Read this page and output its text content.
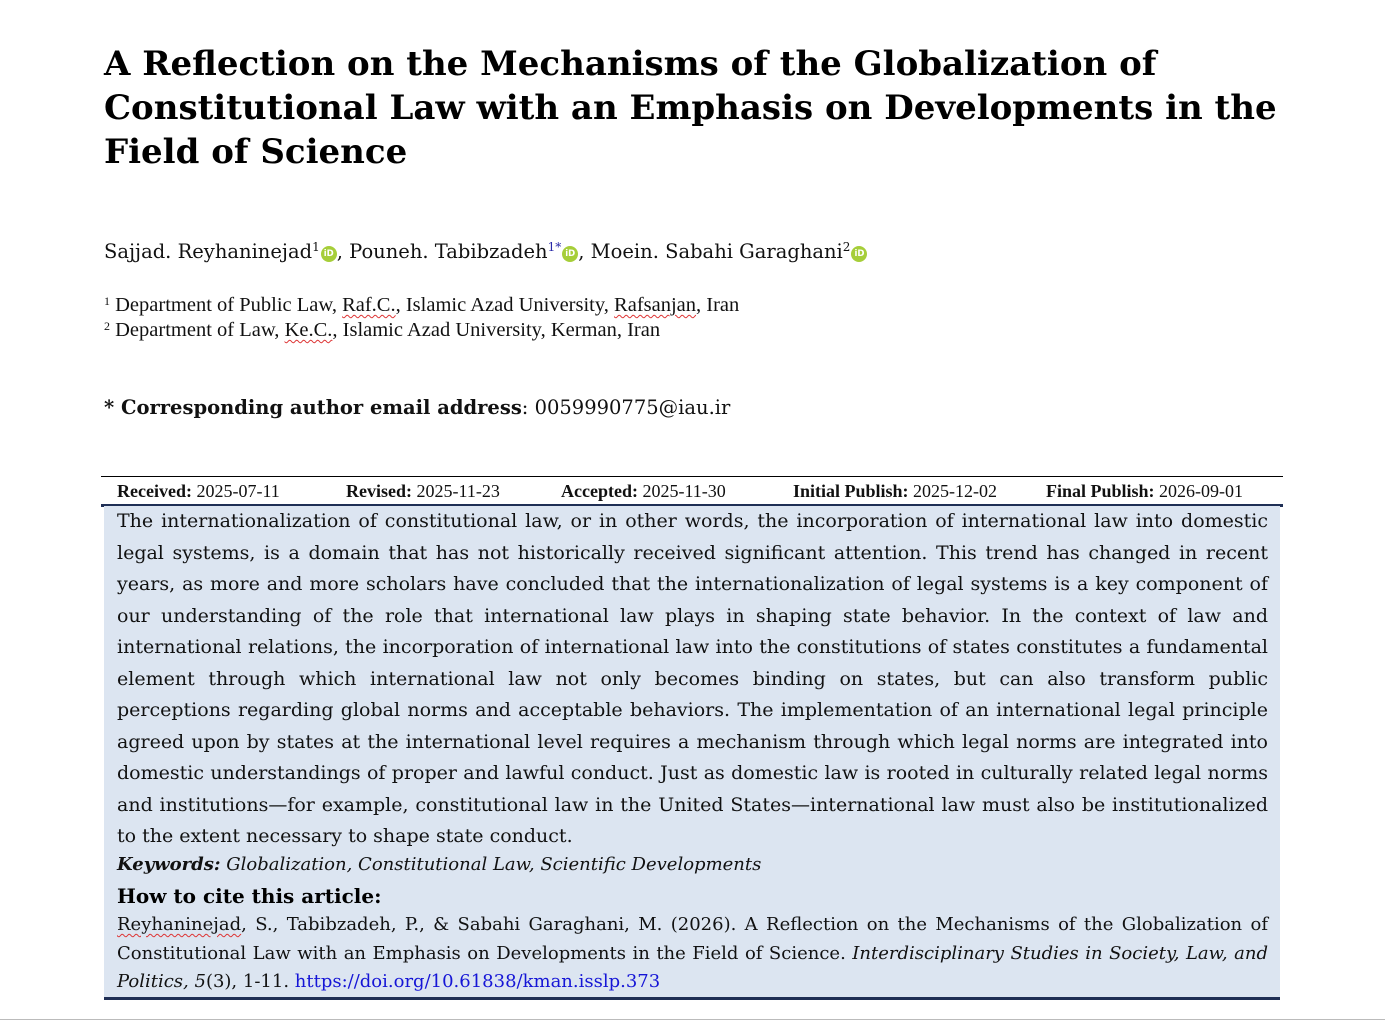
A Reflection on the Mechanisms of the Globalization of Constitutional Law with an Emphasis on Developments in the Field of Science

Sajjad. Reyhaninejad$^1$ iD , Pouneh. Tabibzadeh$^{1*}$ iD , Moein. Sabahi Garaghani$^2$ iD

$^1$ Department of Public Law, Raf.C., Islamic Azad University, Rafsanjan, Iran
$^2$ Department of Law, Ke.C., Islamic Azad University, Kerman, Iran

* Corresponding author email address: 0059990775@iau.ir

Received: 2025-07-11	Revised: 2025-11-23	Accepted: 2025-11-30	Initial Publish: 2025-12-02	Final Publish: 2026-09-01

The internationalization of constitutional law, or in other words, the incorporation of international law into domestic legal systems, is a domain that has not historically received significant attention. This trend has changed in recent years, as more and more scholars have concluded that the internationalization of legal systems is a key component of our understanding of the role that international law plays in shaping state behavior. In the context of law and international relations, the incorporation of international law into the constitutions of states constitutes a fundamental element through which international law not only becomes binding on states, but can also transform public perceptions regarding global norms and acceptable behaviors. The implementation of an international legal principle agreed upon by states at the international level requires a mechanism through which legal norms are integrated into domestic understandings of proper and lawful conduct. Just as domestic law is rooted in culturally related legal norms and institutions—for example, constitutional law in the United States—international law must also be institutionalized to the extent necessary to shape state conduct.

Keywords: Globalization, Constitutional Law, Scientific Developments

How to cite this article:

Reyhaninejad, S., Tabibzadeh, P., & Sabahi Garaghani, M. (2026). A Reflection on the Mechanisms of the Globalization of Constitutional Law with an Emphasis on Developments in the Field of Science. Interdisciplinary Studies in Society, Law, and Politics, 5(3), 1-11. https://doi.org/10.61838/kman.isslp.373
